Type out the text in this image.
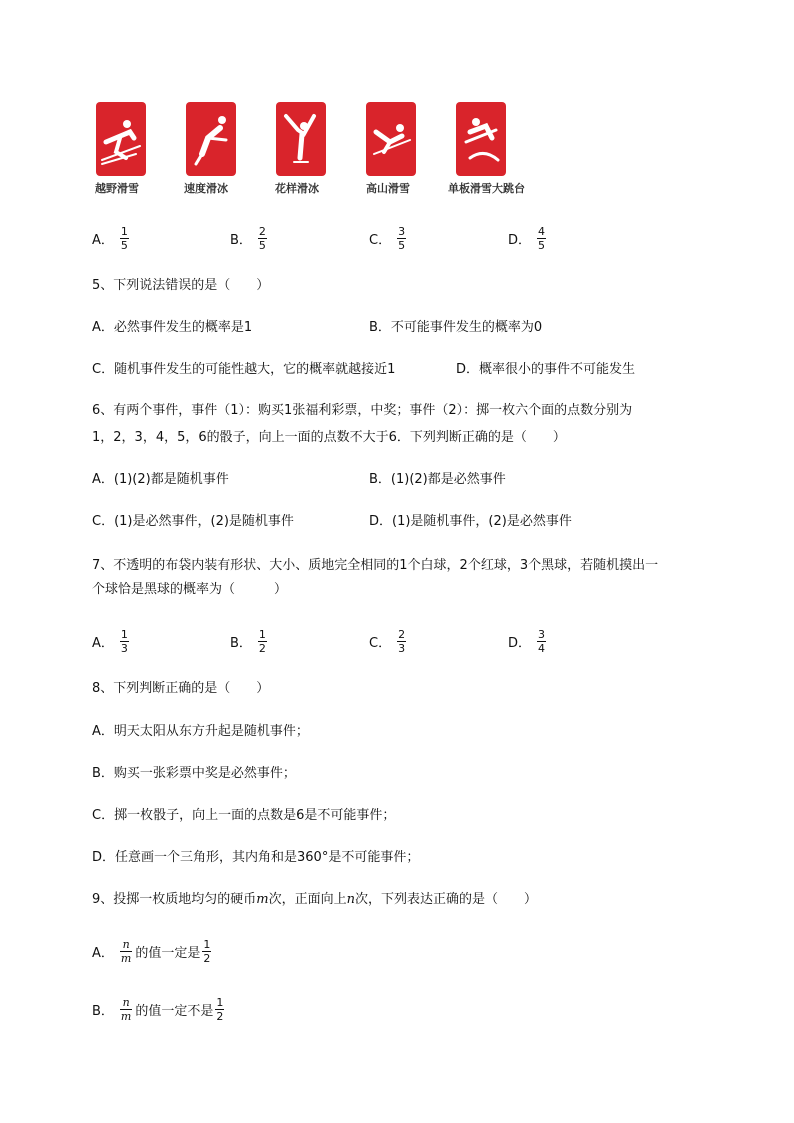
越野滑雪	速度滑冰	花样滑冰	高山滑雪	单板滑雪大跳台
A． $\frac{1}{5}$	B． $\frac{2}{5}$	C． $\frac{3}{5}$	D． $\frac{4}{5}$
5、下列说法错误的是（　　）
A．必然事件发生的概率是1	B．不可能事件发生的概率为0
C．随机事件发生的可能性越大，它的概率就越接近1	D．概率很小的事件不可能发生
6、有两个事件，事件（1）：购买1张福利彩票，中奖；事件（2）：掷一枚六个面的点数分别为
1，2，3，4，5，6的骰子，向上一面的点数不大于6．下列判断正确的是（　　）
A．(1)(2)都是随机事件	B．(1)(2)都是必然事件
C．(1)是必然事件，(2)是随机事件	D．(1)是随机事件，(2)是必然事件
7、不透明的布袋内装有形状、大小、质地完全相同的1个白球，2个红球，3个黑球，若随机摸出一
个球恰是黑球的概率为（　　　）
A． $\frac{1}{3}$	B． $\frac{1}{2}$	C． $\frac{2}{3}$	D． $\frac{3}{4}$
8、下列判断正确的是（　　）
A．明天太阳从东方升起是随机事件；
B．购买一张彩票中奖是必然事件；
C．掷一枚骰子，向上一面的点数是6是不可能事件；
D．任意画一个三角形，其内角和是360°是不可能事件；
9、投掷一枚质地均匀的硬币m次，正面向上n次，下列表达正确的是（　　）
A． $\frac{n}{m}$ 的值一定是 $\frac{1}{2}$
B． $\frac{n}{m}$ 的值一定不是 $\frac{1}{2}$
